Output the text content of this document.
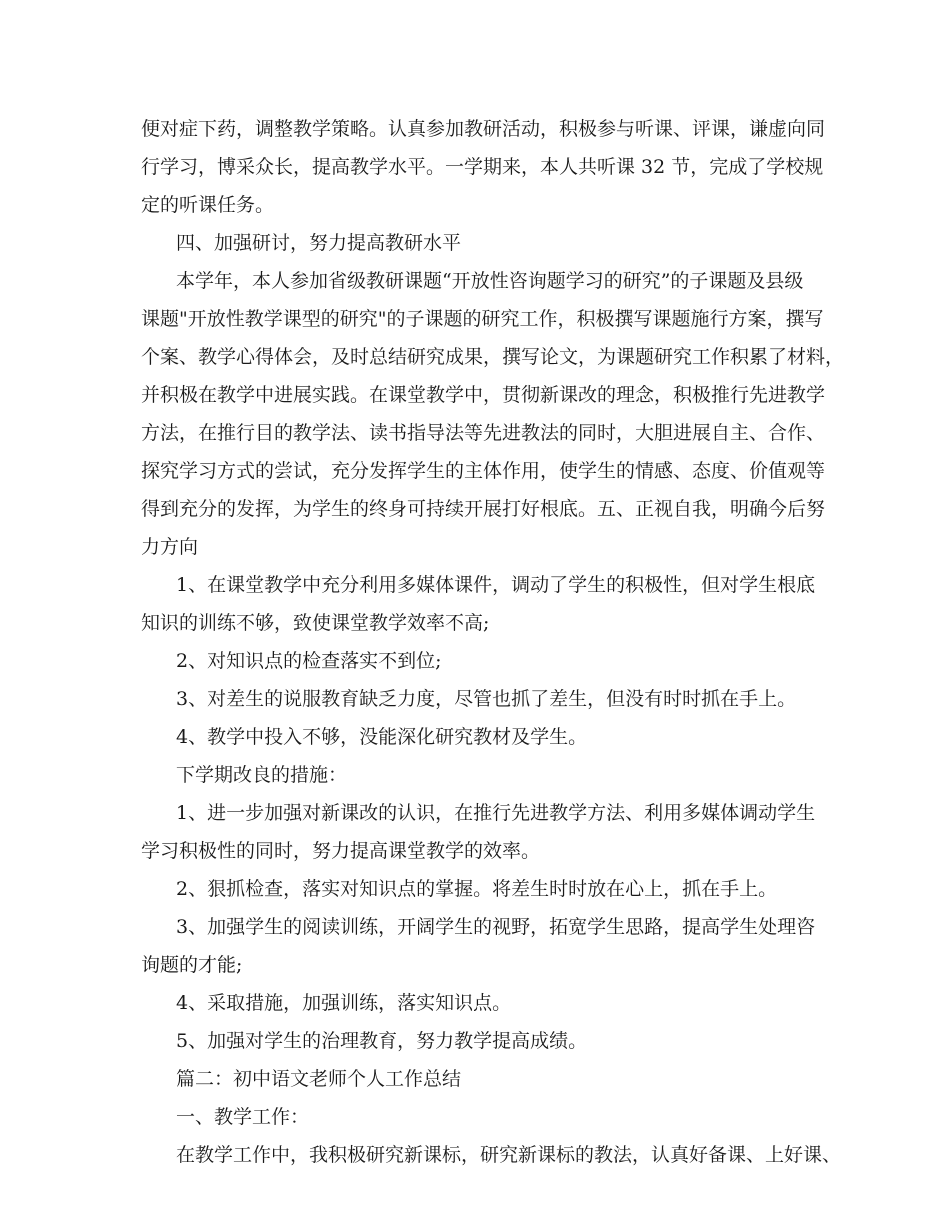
便对症下药，调整教学策略。认真参加教研活动，积极参与听课、评课，谦虚向同
行学习，博采众长，提高教学水平。一学期来，本人共听课 32 节，完成了学校规
定的听课任务。
四、加强研讨，努力提高教研水平
本学年，本人参加省级教研课题“开放性咨询题学习的研究”的子课题及县级
课题"开放性教学课型的研究"的子课题的研究工作，积极撰写课题施行方案，撰写
个案、教学心得体会，及时总结研究成果，撰写论文，为课题研究工作积累了材料，
并积极在教学中进展实践。在课堂教学中，贯彻新课改的理念，积极推行先进教学
方法，在推行目的教学法、读书指导法等先进教法的同时，大胆进展自主、合作、
探究学习方式的尝试，充分发挥学生的主体作用，使学生的情感、态度、价值观等
得到充分的发挥，为学生的终身可持续开展打好根底。五、正视自我，明确今后努
力方向
1、在课堂教学中充分利用多媒体课件，调动了学生的积极性，但对学生根底
知识的训练不够，致使课堂教学效率不高;
2、对知识点的检查落实不到位;
3、对差生的说服教育缺乏力度，尽管也抓了差生，但没有时时抓在手上。
4、教学中投入不够，没能深化研究教材及学生。
下学期改良的措施：
1、进一步加强对新课改的认识，在推行先进教学方法、利用多媒体调动学生
学习积极性的同时，努力提高课堂教学的效率。
2、狠抓检查，落实对知识点的掌握。将差生时时放在心上，抓在手上。
3、加强学生的阅读训练，开阔学生的视野，拓宽学生思路，提高学生处理咨
询题的才能;
4、采取措施，加强训练，落实知识点。
5、加强对学生的治理教育，努力教学提高成绩。
篇二：初中语文老师个人工作总结
一、教学工作：
在教学工作中，我积极研究新课标，研究新课标的教法，认真好备课、上好课、
